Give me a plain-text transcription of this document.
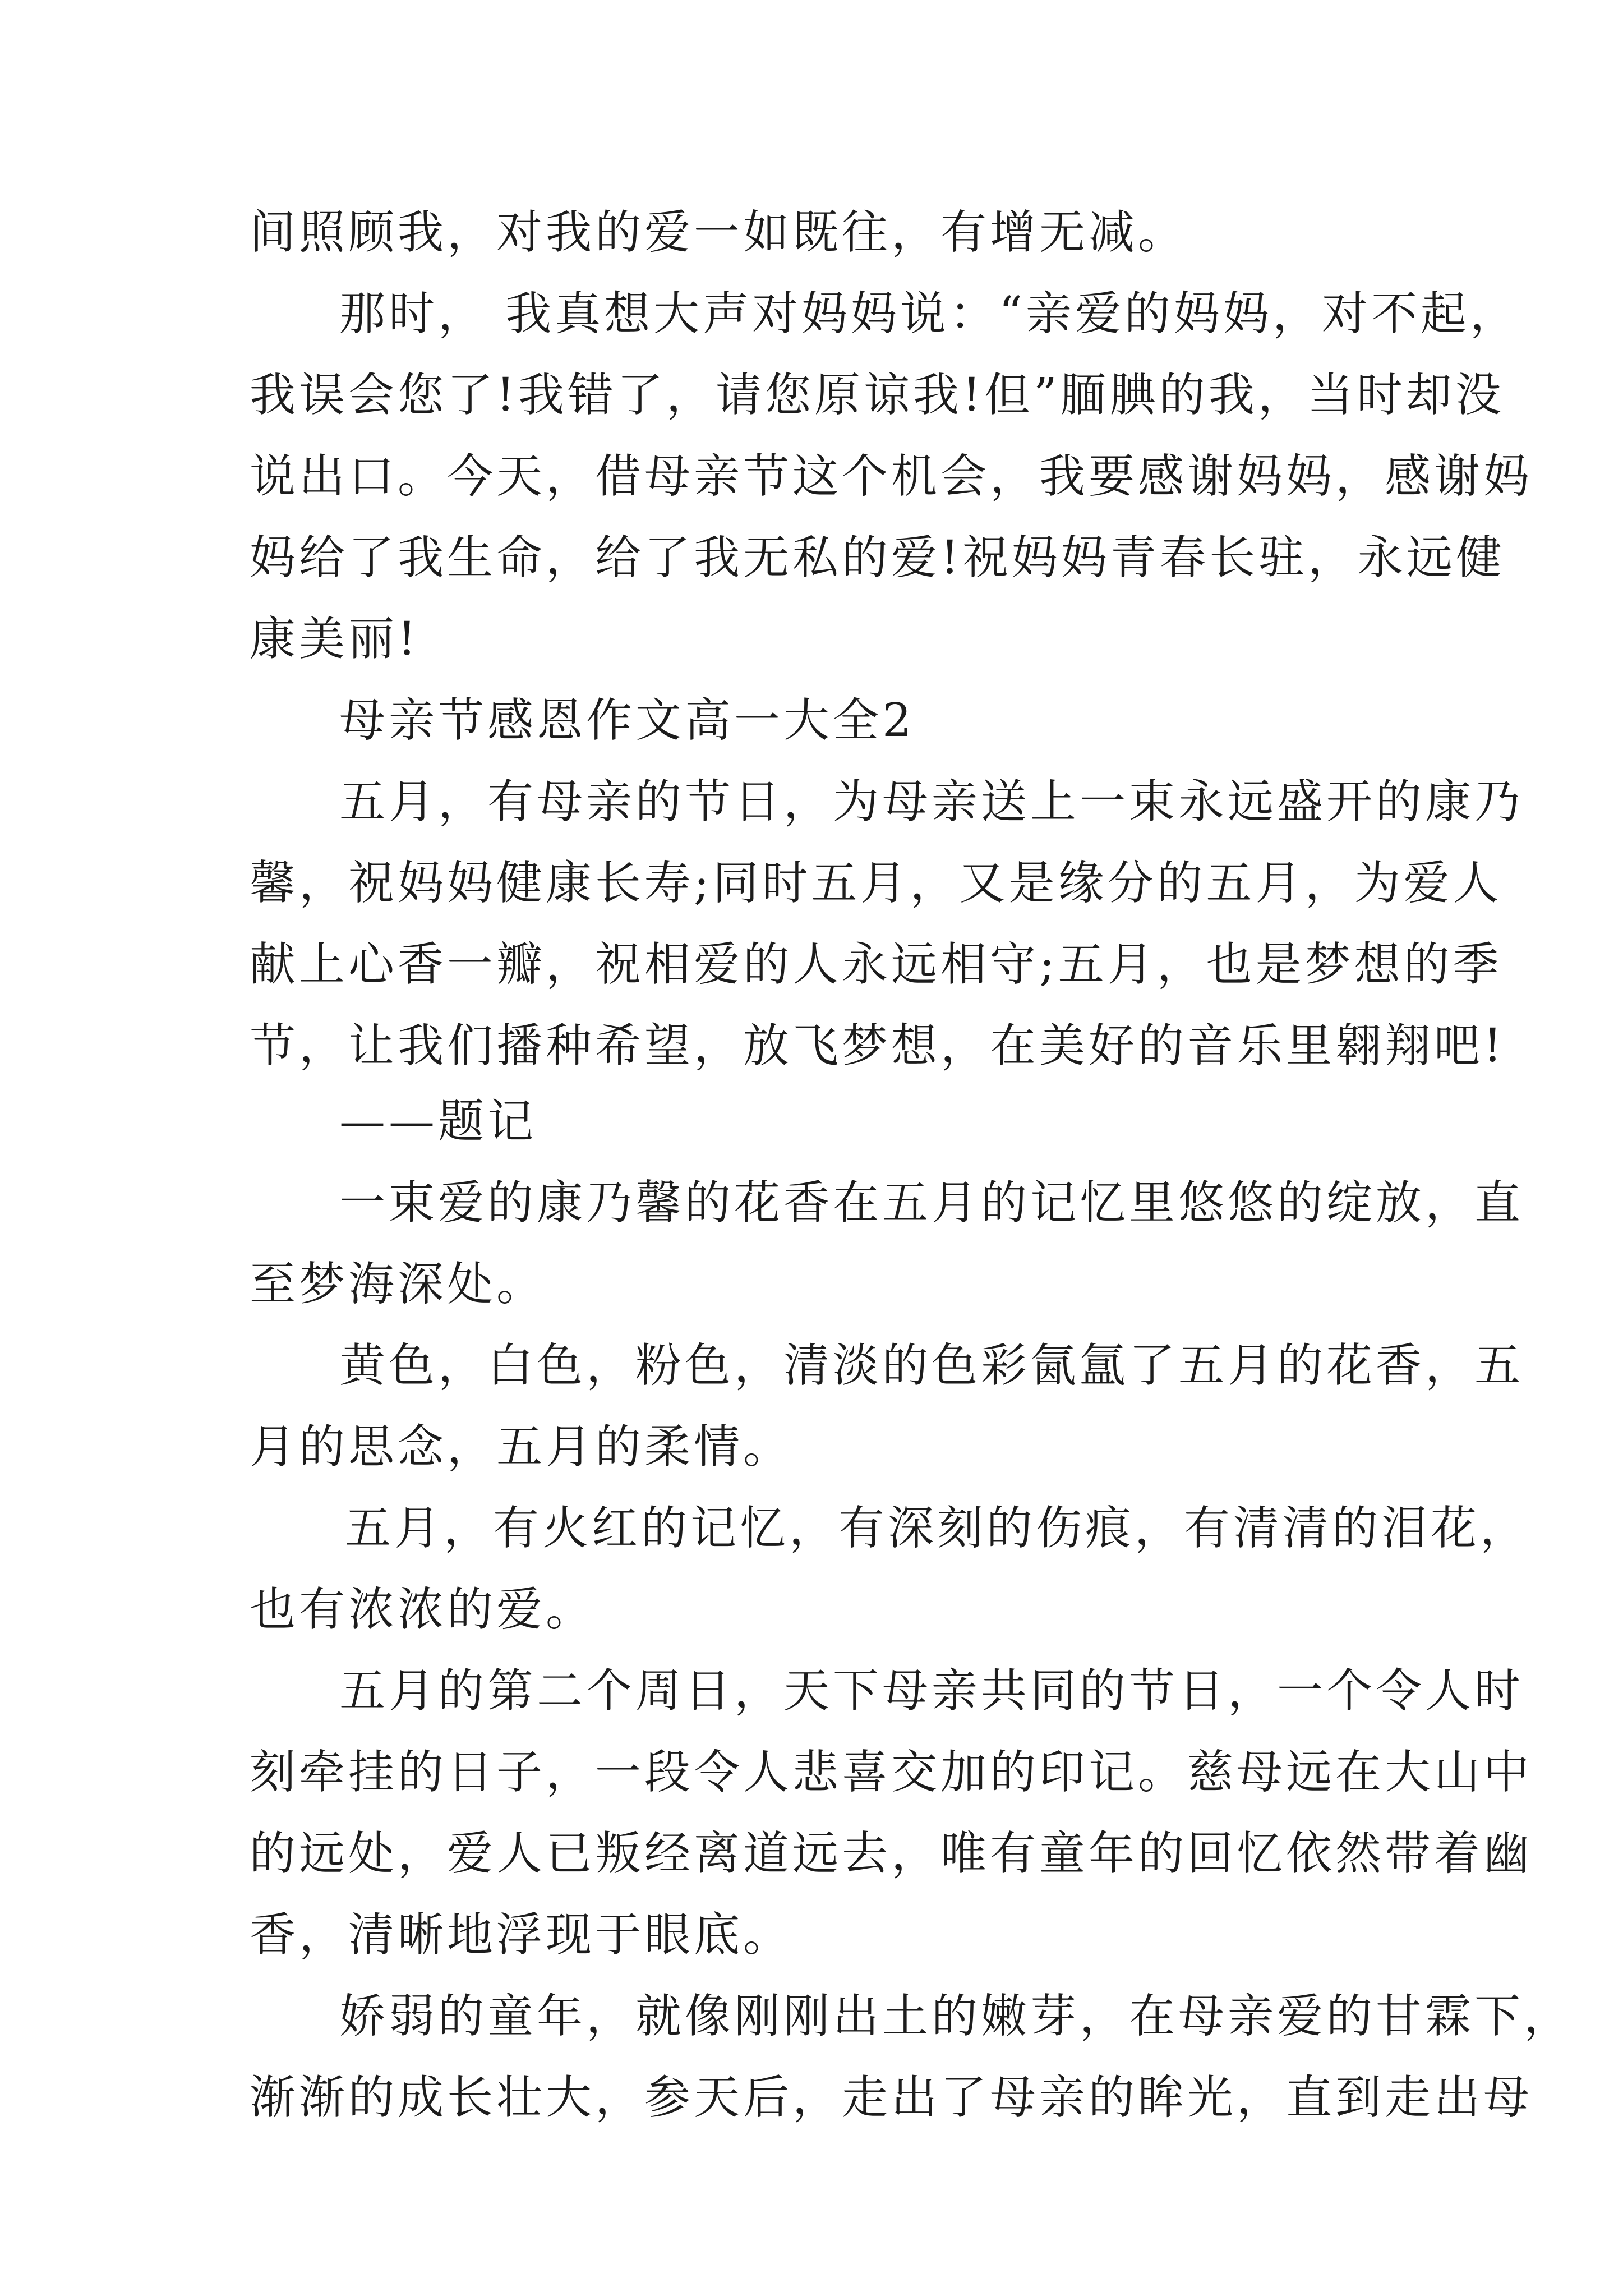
间照顾我，对我的爱一如既往，有增无减。

那时， 我真想大声对妈妈说：“亲爱的妈妈，对不起，

我误会您了!我错了，请您原谅我!但”腼腆的我，当时却没

说出口。今天，借母亲节这个机会，我要感谢妈妈，感谢妈

妈给了我生命，给了我无私的爱!祝妈妈青春长驻，永远健

康美丽!

母亲节感恩作文高一大全2

五月，有母亲的节日，为母亲送上一束永远盛开的康乃

馨，祝妈妈健康长寿;同时五月，又是缘分的五月，为爱人

献上心香一瓣，祝相爱的人永远相守;五月，也是梦想的季

节，让我们播种希望，放飞梦想，在美好的音乐里翱翔吧!

——题记

一束爱的康乃馨的花香在五月的记忆里悠悠的绽放，直

至梦海深处。

黄色，白色，粉色，清淡的色彩氤氲了五月的花香，五

月的思念，五月的柔情。

五月，有火红的记忆，有深刻的伤痕，有清清的泪花，

也有浓浓的爱。

五月的第二个周日，天下母亲共同的节日，一个令人时

刻牵挂的日子，一段令人悲喜交加的印记。慈母远在大山中

的远处，爱人已叛经离道远去，唯有童年的回忆依然带着幽

香，清晰地浮现于眼底。

娇弱的童年，就像刚刚出土的嫩芽，在母亲爱的甘霖下，

渐渐的成长壮大，参天后，走出了母亲的眸光，直到走出母
